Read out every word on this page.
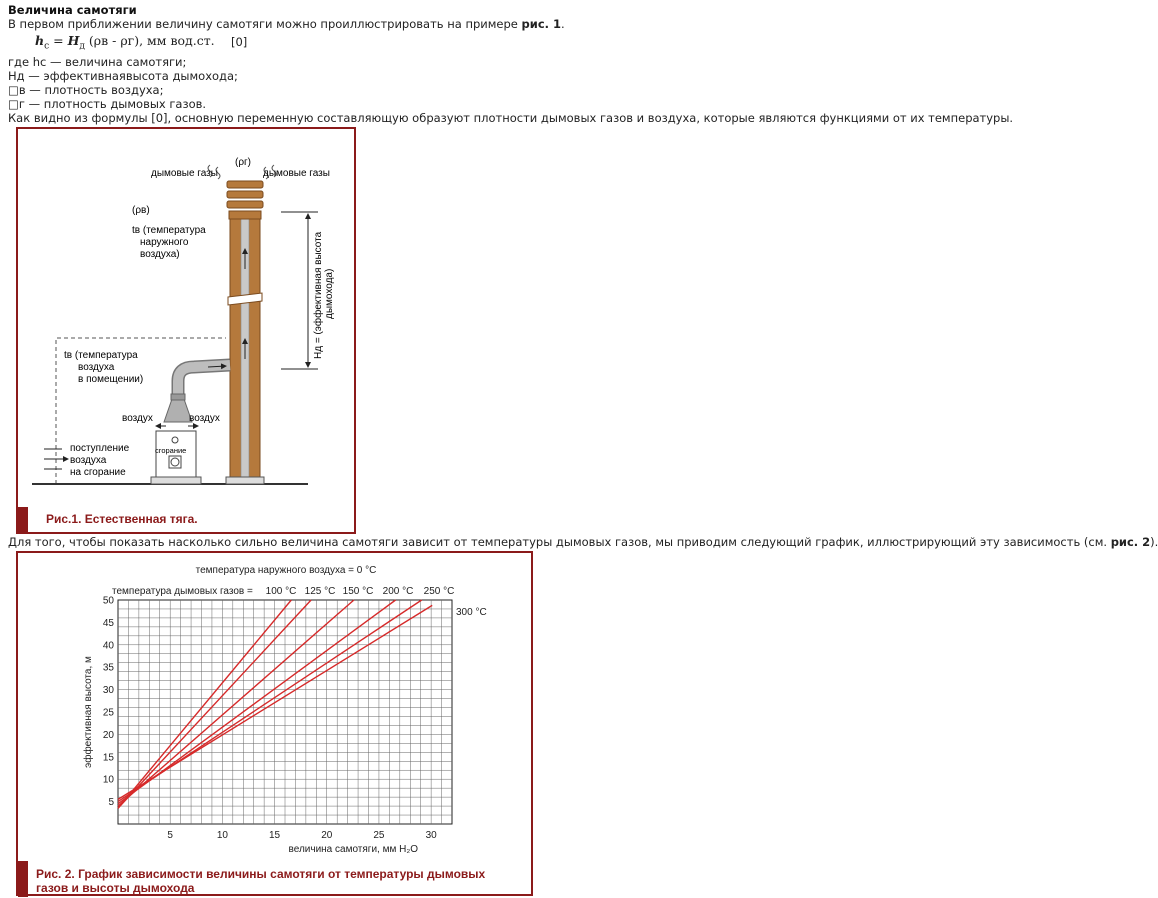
Величина самотяги
В первом приближении величину самотяги можно проиллюстрировать на примере рис. 1.
$h_c = H_д$ (ρв - ρг), мм вод.ст. [0]
где hc — величина самотяги;
Нд — эффективнаявысота дымохода;
□в — плотность воздуха;
□г — плотность дымовых газов.
Как видно из формулы [0], основную переменную составляющую образуют плотности дымовых газов и воздуха, которые являются функциями от их температуры.
(ρг)
дымовые газы	дымовые газы
(ρв)
tв (температура
наружного
воздуха)
tв (температура
воздуха
в помещении)
воздух	воздух
сгорание
поступление
воздуха
на сгорание
Hд = (эффективная высота дымохода)
Рис.1. Естественная тяга.
Для того, чтобы показать насколько сильно величина самотяги зависит от температуры дымовых газов, мы приводим следующий график, иллюстрирующий эту зависимость (см. рис. 2).
5	10	15	20	25	30
5
10
15
20
25
30
35
40
45
50
температура наружного воздуха = 0 °C
температура дымовых газов = 100 °C 125 °C 150 °C 200 °C 250 °C
300 °C
величина самотяги, мм H₂O
эффективная высота, м
Рис. 2. График зависимости величины самотяги от температуры дымовых
газов и высоты дымохода
